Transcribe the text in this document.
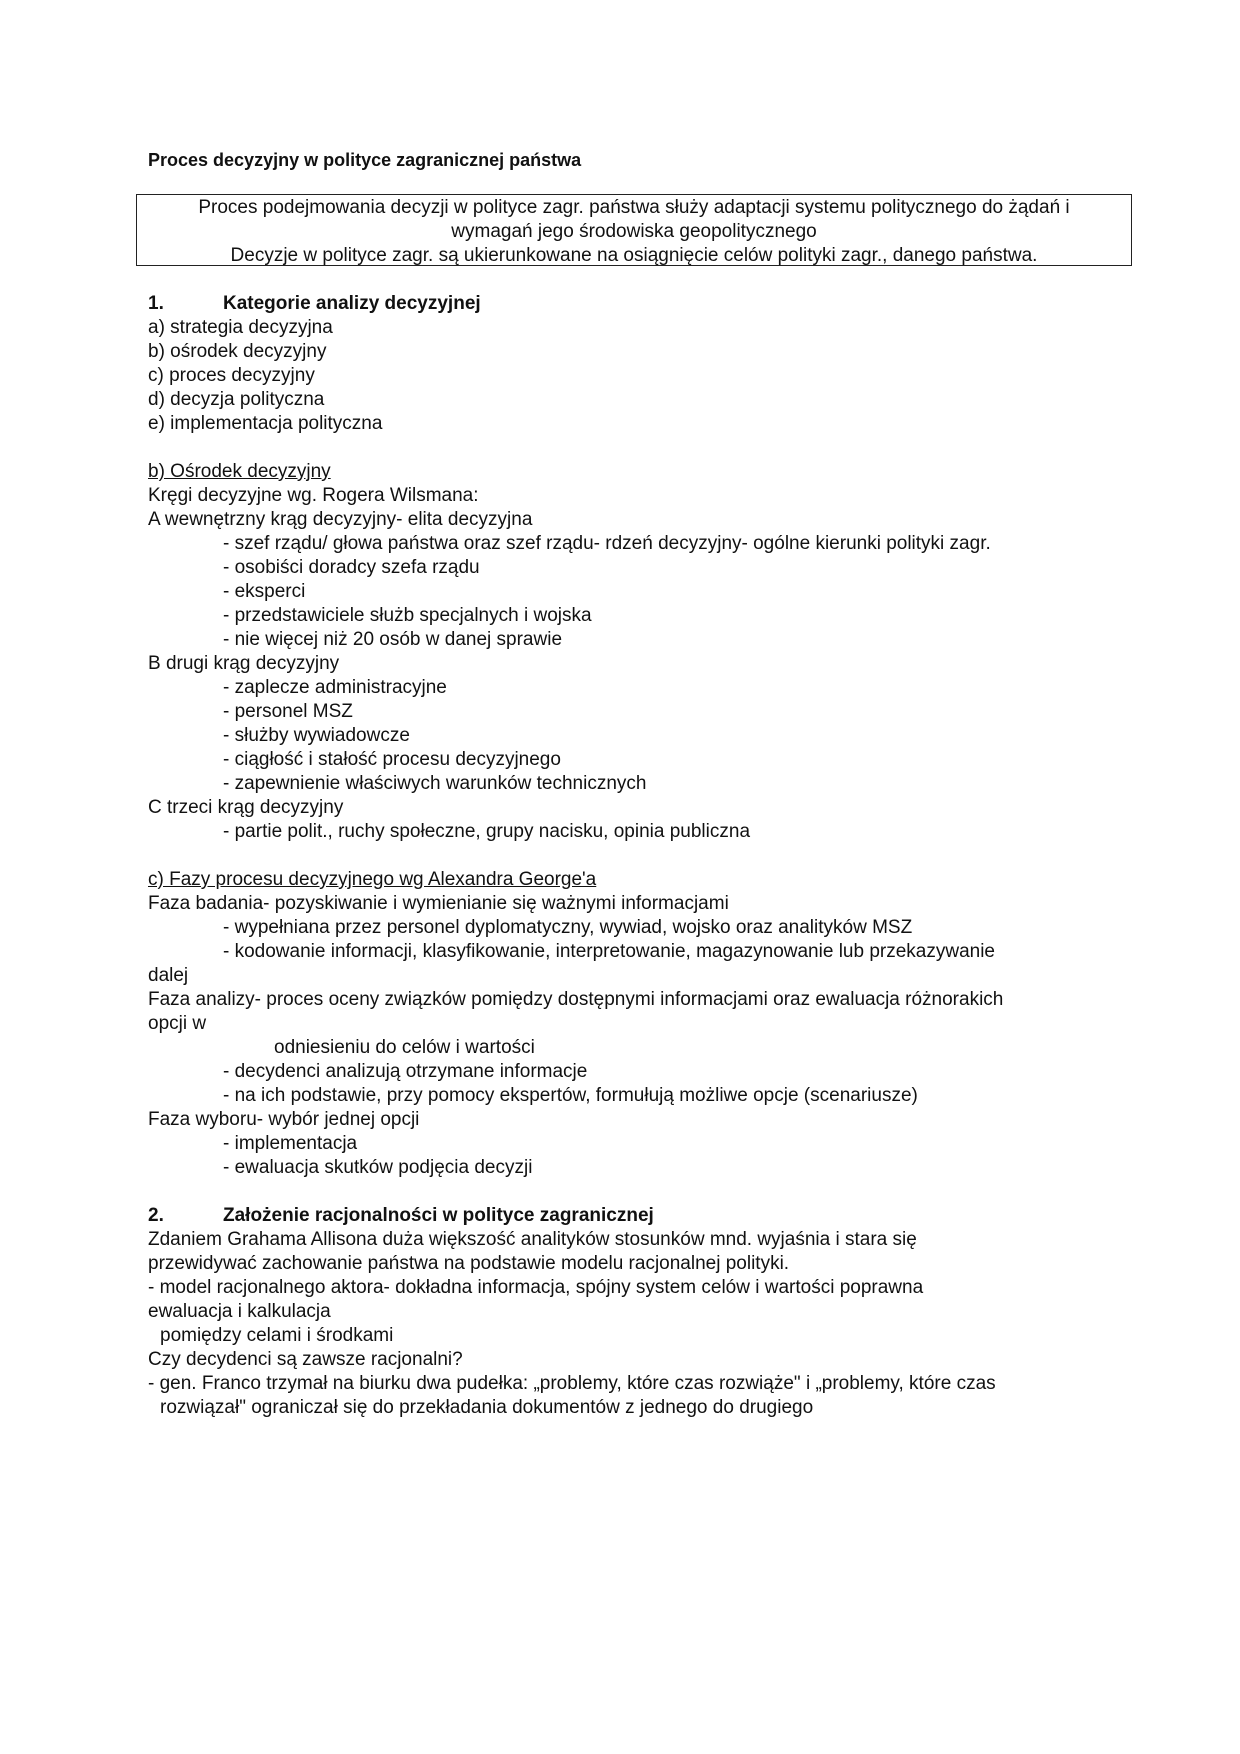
Proces decyzyjny w polityce zagranicznej państwa
Proces podejmowania decyzji w polityce zagr. państwa służy adaptacji systemu politycznego do żądań i
wymagań jego środowiska geopolitycznego
Decyzje w polityce zagr. są ukierunkowane na osiągnięcie celów polityki zagr., danego państwa.
1.	Kategorie analizy decyzyjnej
a) strategia decyzyjna
b) ośrodek decyzyjny
c) proces decyzyjny
d) decyzja polityczna
e) implementacja polityczna
b) Ośrodek decyzyjny
Kręgi decyzyjne wg. Rogera Wilsmana:
A wewnętrzny krąg decyzyjny- elita decyzyjna
- szef rządu/ głowa państwa oraz szef rządu- rdzeń decyzyjny- ogólne kierunki polityki zagr.
- osobiści doradcy szefa rządu
- eksperci
- przedstawiciele służb specjalnych i wojska
- nie więcej niż 20 osób w danej sprawie
B drugi krąg decyzyjny
- zaplecze administracyjne
- personel MSZ
- służby wywiadowcze
- ciągłość i stałość procesu decyzyjnego
- zapewnienie właściwych warunków technicznych
C trzeci krąg decyzyjny
- partie polit., ruchy społeczne, grupy nacisku, opinia publiczna
c) Fazy procesu decyzyjnego wg Alexandra George'a
Faza badania- pozyskiwanie i wymienianie się ważnymi informacjami
- wypełniana przez personel dyplomatyczny, wywiad, wojsko oraz analityków MSZ
- kodowanie informacji, klasyfikowanie, interpretowanie, magazynowanie lub przekazywanie
dalej
Faza analizy- proces oceny związków pomiędzy dostępnymi informacjami oraz ewaluacja różnorakich
opcji w
odniesieniu do celów i wartości
- decydenci analizują otrzymane informacje
- na ich podstawie, przy pomocy ekspertów, formułują możliwe opcje (scenariusze)
Faza wyboru- wybór jednej opcji
- implementacja
- ewaluacja skutków podjęcia decyzji
2.	Założenie racjonalności w polityce zagranicznej
Zdaniem Grahama Allisona duża większość analityków stosunków mnd. wyjaśnia i stara się
przewidywać zachowanie państwa na podstawie modelu racjonalnej polityki.
- model racjonalnego aktora- dokładna informacja, spójny system celów i wartości poprawna
ewaluacja i kalkulacja
pomiędzy celami i środkami
Czy decydenci są zawsze racjonalni?
- gen. Franco trzymał na biurku dwa pudełka: „problemy, które czas rozwiąże" i „problemy, które czas
rozwiązał" ograniczał się do przekładania dokumentów z jednego do drugiego
